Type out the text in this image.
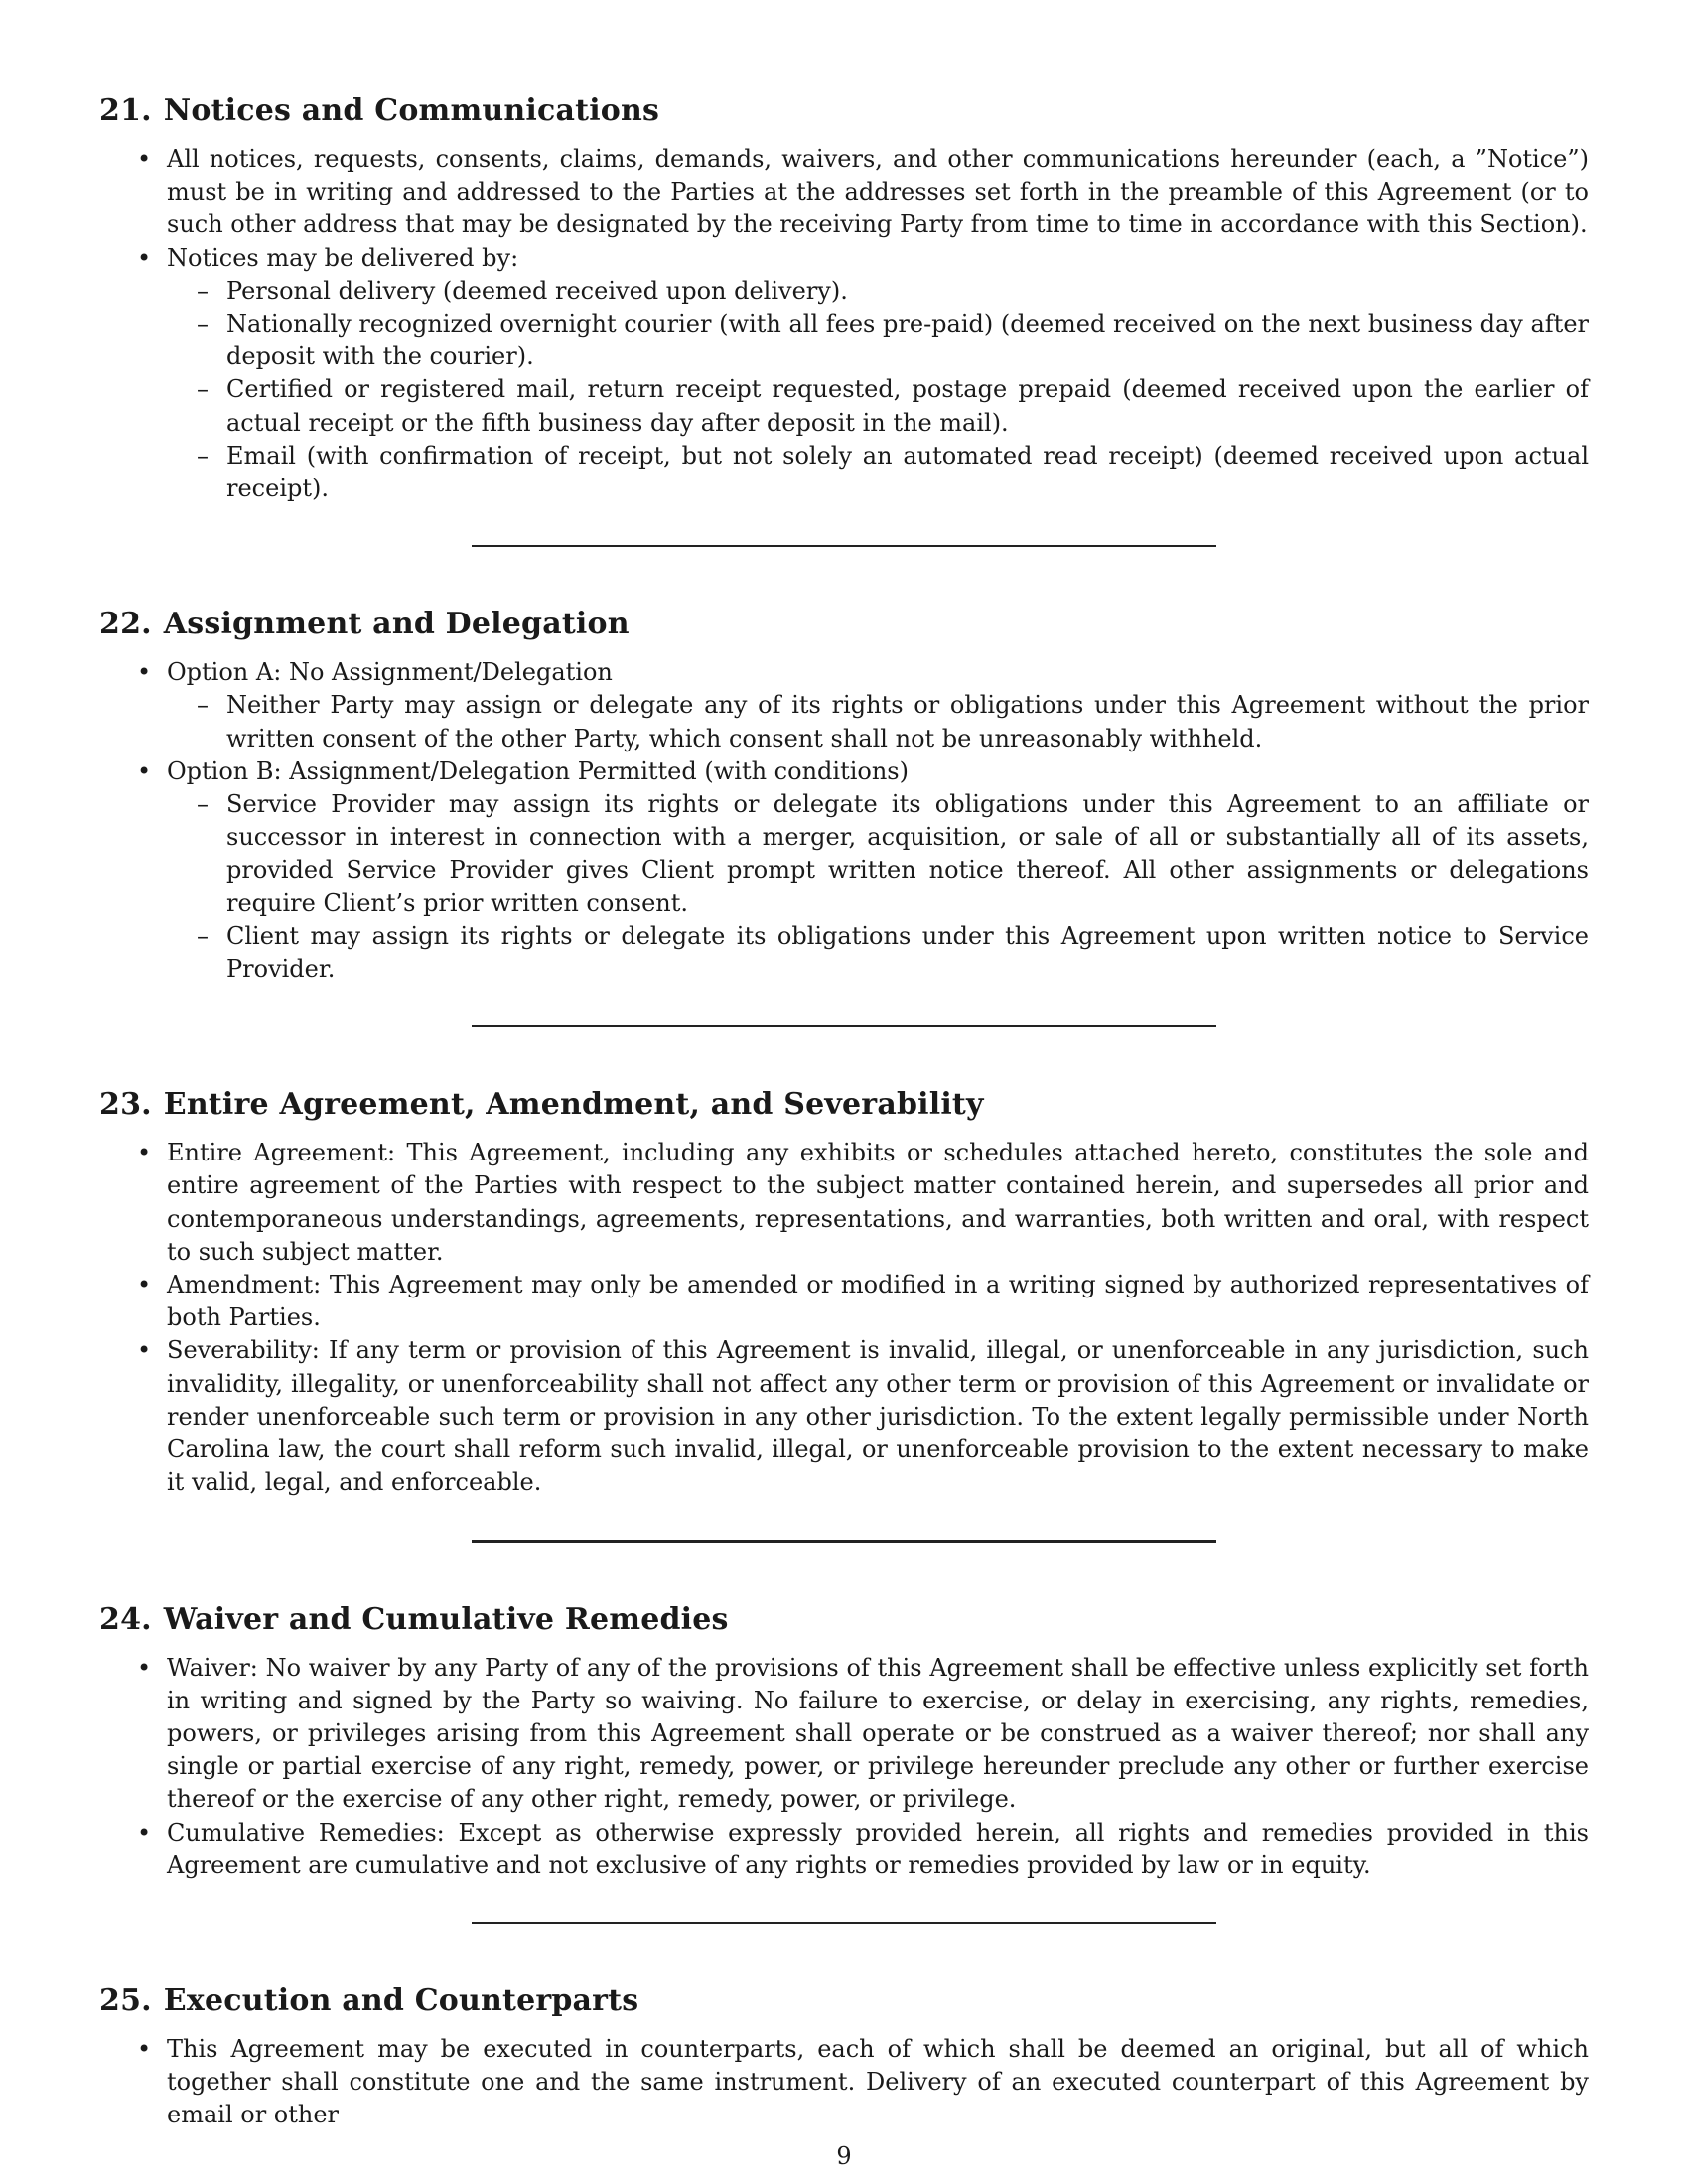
21. Notices and Communications
• All notices, requests, consents, claims, demands, waivers, and other communications hereunder (each, a ”Notice”) must be in writing and addressed to the Parties at the addresses set forth in the preamble of this Agreement (or to such other address that may be designated by the receiving Party from time to time in accordance with this Section).
• Notices may be delivered by:
– Personal delivery (deemed received upon delivery).
– Nationally recognized overnight courier (with all fees pre-paid) (deemed received on the next business day after deposit with the courier).
– Certified or registered mail, return receipt requested, postage prepaid (deemed received upon the earlier of actual receipt or the fifth business day after deposit in the mail).
– Email (with confirmation of receipt, but not solely an automated read receipt) (deemed received upon actual receipt).
22. Assignment and Delegation
• Option A: No Assignment/Delegation
– Neither Party may assign or delegate any of its rights or obligations under this Agreement without the prior written consent of the other Party, which consent shall not be unreasonably withheld.
• Option B: Assignment/Delegation Permitted (with conditions)
– Service Provider may assign its rights or delegate its obligations under this Agreement to an affiliate or successor in interest in connection with a merger, acquisition, or sale of all or substantially all of its assets, provided Service Provider gives Client prompt written notice thereof. All other assignments or delegations require Client’s prior written consent.
– Client may assign its rights or delegate its obligations under this Agreement upon written notice to Service Provider.
23. Entire Agreement, Amendment, and Severability
• Entire Agreement: This Agreement, including any exhibits or schedules attached hereto, constitutes the sole and entire agreement of the Parties with respect to the subject matter contained herein, and supersedes all prior and contemporaneous understandings, agreements, representations, and warranties, both written and oral, with respect to such subject matter.
• Amendment: This Agreement may only be amended or modified in a writing signed by authorized representatives of both Parties.
• Severability: If any term or provision of this Agreement is invalid, illegal, or unenforceable in any jurisdiction, such invalidity, illegality, or unenforceability shall not affect any other term or provision of this Agreement or invalidate or render unenforceable such term or provision in any other jurisdiction. To the extent legally permissible under North Carolina law, the court shall reform such invalid, illegal, or unenforceable provision to the extent necessary to make it valid, legal, and enforceable.
24. Waiver and Cumulative Remedies
• Waiver: No waiver by any Party of any of the provisions of this Agreement shall be effective unless explicitly set forth in writing and signed by the Party so waiving. No failure to exercise, or delay in exercising, any rights, remedies, powers, or privileges arising from this Agreement shall operate or be construed as a waiver thereof; nor shall any single or partial exercise of any right, remedy, power, or privilege hereunder preclude any other or further exercise thereof or the exercise of any other right, remedy, power, or privilege.
• Cumulative Remedies: Except as otherwise expressly provided herein, all rights and remedies provided in this Agreement are cumulative and not exclusive of any rights or remedies provided by law or in equity.
25. Execution and Counterparts
• This Agreement may be executed in counterparts, each of which shall be deemed an original, but all of which together shall constitute one and the same instrument. Delivery of an executed counterpart of this Agreement by email or other
9
